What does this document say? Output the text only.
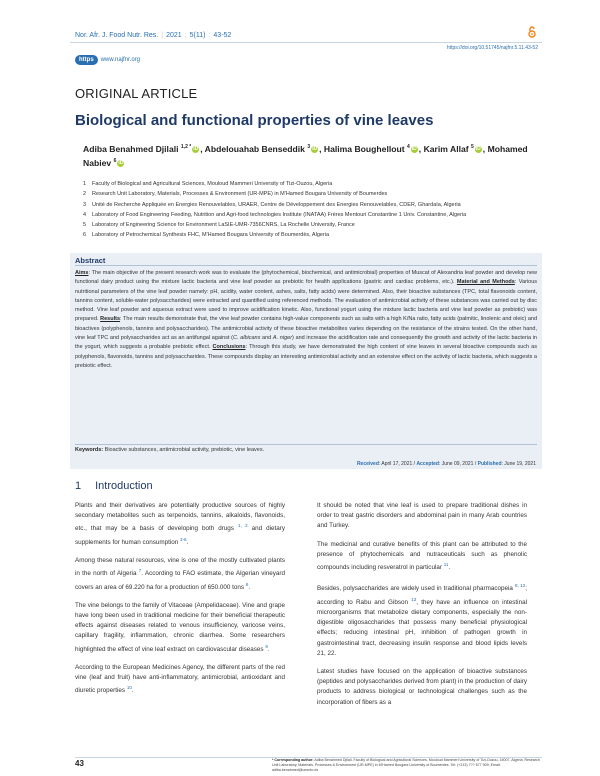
Nor. Afr. J. Food Nutr. Res. | 2021 ; 5(11) : 43-52
https://doi.org/10.51745/najfnr.5.11.43-52
https	www.najfnr.org
ORIGINAL ARTICLE
Biological and functional properties of vine leaves
Adiba Benahmed Djilali $^{1,2 *}$ iD , Abdelouahab Benseddik $^3$ iD , Halima Boughellout $^4$ iD , Karim Allaf $^5$ iD , Mohamed Nabiev $^6$ iD
1 Faculty of Biological and Agricultural Sciences, Mouloud Mammeri University of Tizi-Ouzou, Algeria
2 Research Unit Laboratory, Materials, Processes & Environment (UR-MPE) in M'Hamed Bougara University of Boumerdes
3 Unité de Recherche Appliquée en Energies Renouvelables, URAER, Centre de Développement des Energies Renouvelables, CDER, Ghardaïa, Algeria
4 Laboratory of Food Engineering Feeding, Nutrition and Agri-food technologies Institute (INATAA) Frères Mentouri Constantine 1 Univ. Constantine, Algeria
5 Laboratory of Engineering Science for Environment LaSIE-UMR-7356CNRS, La Rochelle University, France
6 Laboratory of Petrochemical Synthesis FHC, M'Hamed Bougara University of Boumerdès, Algeria
Abstract
Aims: The main objective of the present research work was to evaluate the (phytochemical, biochemical, and antimicrobial) properties of Muscat of Alexandria leaf powder and develop new functional dairy product using the mixture lactic bacteria and vine leaf powder as prebiotic for health applications (gastric and cardiac problems, etc.). Material and Methods: Various nutritional parameters of the vine leaf powder namely: pH, acidity, water content, ashes, salts, fatty acids) were determined. Also, their bioactive substances (TPC, total flavonoids content, tannins content, soluble-water polysaccharides) were extracted and quantified using referenced methods. The evaluation of antimicrobial activity of these substances was carried out by disc method. Vine leaf powder and aqueous extract were used to improve acidification kinetic. Also, functional yogurt using the mixture lactic bacteria and vine leaf powder as prebiotic) was prepared. Results: The main results demonstrate that, the vine leaf powder contains high-value components such as salts with a high K/Na ratio, fatty acids (palmitic, linolenic and oleic) and bioactives (polyphenols, tannins and polysaccharides). The antimicrobial activity of these bioactive metabolites varies depending on the resistance of the strains tested. On the other hand, vine leaf TPC and polysaccharides act as an antifungal against (C. albicans and A. niger) and increase the acidification rate and consequently the growth and activity of the lactic bacteria in the yogurt, which suggests a probable prebiotic effect. Conclusions: Through this study, we have demonstrated the high content of vine leaves in several bioactive compounds such as polyphenols, flavonoids, tannins and polysaccharides. These compounds display an interesting antimicrobial activity and an extensive effect on the activity of lactic bacteria, which suggests a prebiotic effect.
Keywords: Bioactive substances, antimicrobial activity, prebiotic, vine leaves.
Received: April 17, 2021 / Accepted: June 09, 2021 / Published: June 19, 2021
1 Introduction

Plants and their derivatives are potentially productive sources of highly secondary metabolites such as terpenoids, tannins, alkaloids, flavonoids, etc., that may be a basis of developing both drugs $^{1, 2}$ and dietary supplements for human consumption $^{3-6}$.

Among these natural resources, vine is one of the mostly cultivated plants in the north of Algeria $^7$. According to FAO estimate, the Algerian vineyard covers an area of 69.220 ha for a production of 650.000 tons $^8$.

The vine belongs to the family of Vitaceae (Ampelidaceae). Vine and grape have long been used in traditional medicine for their beneficial therapeutic effects against diseases related to venous insufficiency, varicose veins, capillary fragility, inflammation, chronic diarrhea. Some researchers highlighted the effect of vine leaf extract on cardiovascular diseases $^9$.

According to the European Medicines Agency, the different parts of the red vine (leaf and fruit) have anti-inflammatory, antimicrobial, antioxidant and diuretic properties $^{10}$.

It should be noted that vine leaf is used to prepare traditional dishes in order to treat gastric disorders and abdominal pain in many Arab countries and Turkey.

The medicinal and curative benefits of this plant can be attributed to the presence of phytochemicals and nutraceuticals such as phenolic compounds including resveratrol in particular $^{11}$.

Besides, polysaccharides are widely used in traditional pharmacopeia $^{8, 12}$; according to Rabu and Gibson $^{13}$, they have an influence on intestinal microorganisms that metabolize dietary components, especially the non-digestible oligosaccharides that possess many beneficial physiological effects; reducing intestinal pH, inhibition of pathogen growth in gastrointestinal tract, decreasing insulin response and blood lipids levels 21, 22.

Latest studies have focused on the application of bioactive substances (peptides and polysaccharides derived from plant) in the production of dairy products to address biological or technological challenges such as the incorporation of fibers as a

43	* Corresponding author: Adiba Benahmed Djilali. Faculty of Biological and Agricultural Sciences, Mouloud Mammeri University of Tizi-Ouzou, 15007, Algeria; Research Unit Laboratory, Materials, Processes & Environment (UR-MPE) in M'Hamed Bougara University of Boumerdes. Tel: (+213) 7?? 677 909; Email: adiba.benahmed@ummto.dz
